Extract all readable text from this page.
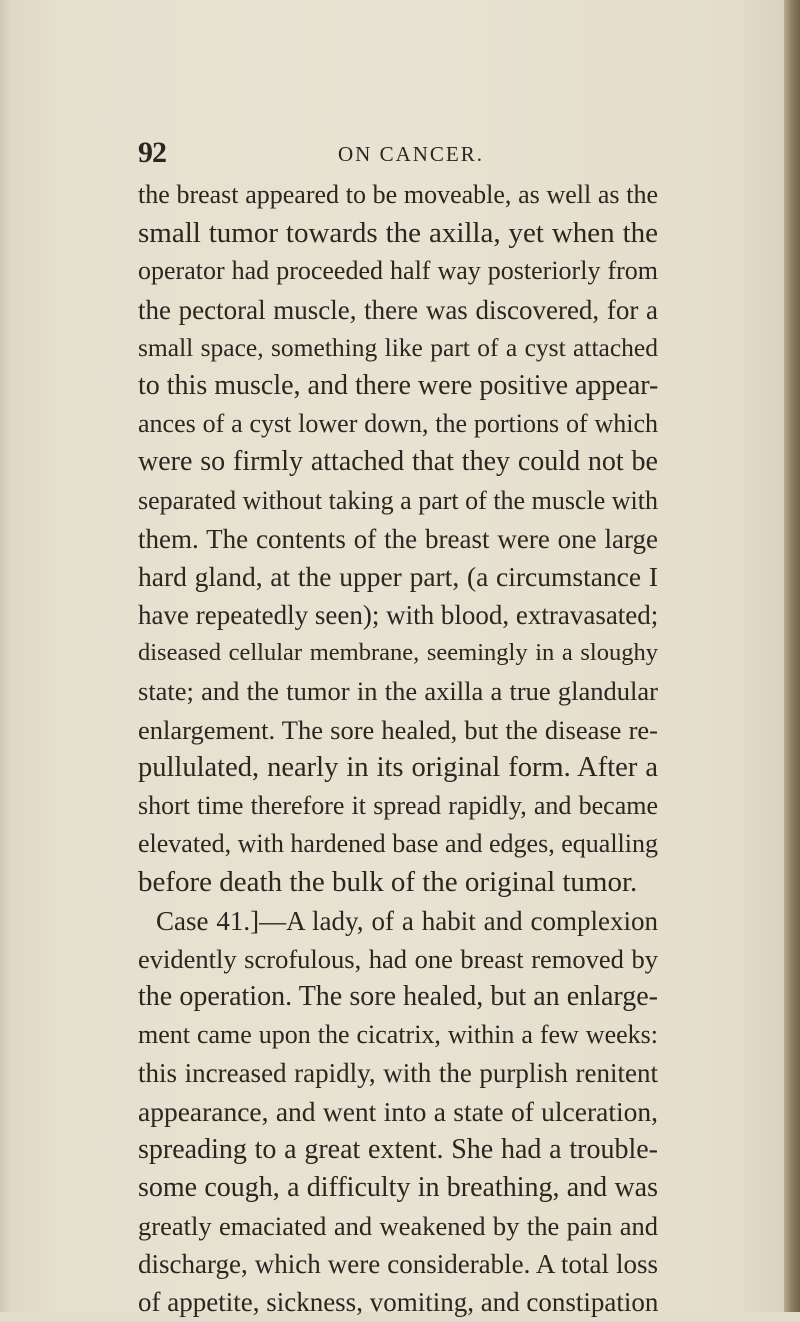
92	ON CANCER.
the breast appeared to be moveable, as well as the
small tumor towards the axilla, yet when the
operator had proceeded half way posteriorly from
the pectoral muscle, there was discovered, for a
small space, something like part of a cyst attached
to this muscle, and there were positive appear-
ances of a cyst lower down, the portions of which
were so firmly attached that they could not be
separated without taking a part of the muscle with
them. The contents of the breast were one large
hard gland, at the upper part, (a circumstance I
have repeatedly seen); with blood, extravasated;
diseased cellular membrane, seemingly in a sloughy
state; and the tumor in the axilla a true glandular
enlargement. The sore healed, but the disease re-
pullulated, nearly in its original form. After a
short time therefore it spread rapidly, and became
elevated, with hardened base and edges, equalling
before death the bulk of the original tumor.
Case 41.]—A lady, of a habit and complexion
evidently scrofulous, had one breast removed by
the operation. The sore healed, but an enlarge-
ment came upon the cicatrix, within a few weeks:
this increased rapidly, with the purplish renitent
appearance, and went into a state of ulceration,
spreading to a great extent. She had a trouble-
some cough, a difficulty in breathing, and was
greatly emaciated and weakened by the pain and
discharge, which were considerable. A total loss
of appetite, sickness, vomiting, and constipation
